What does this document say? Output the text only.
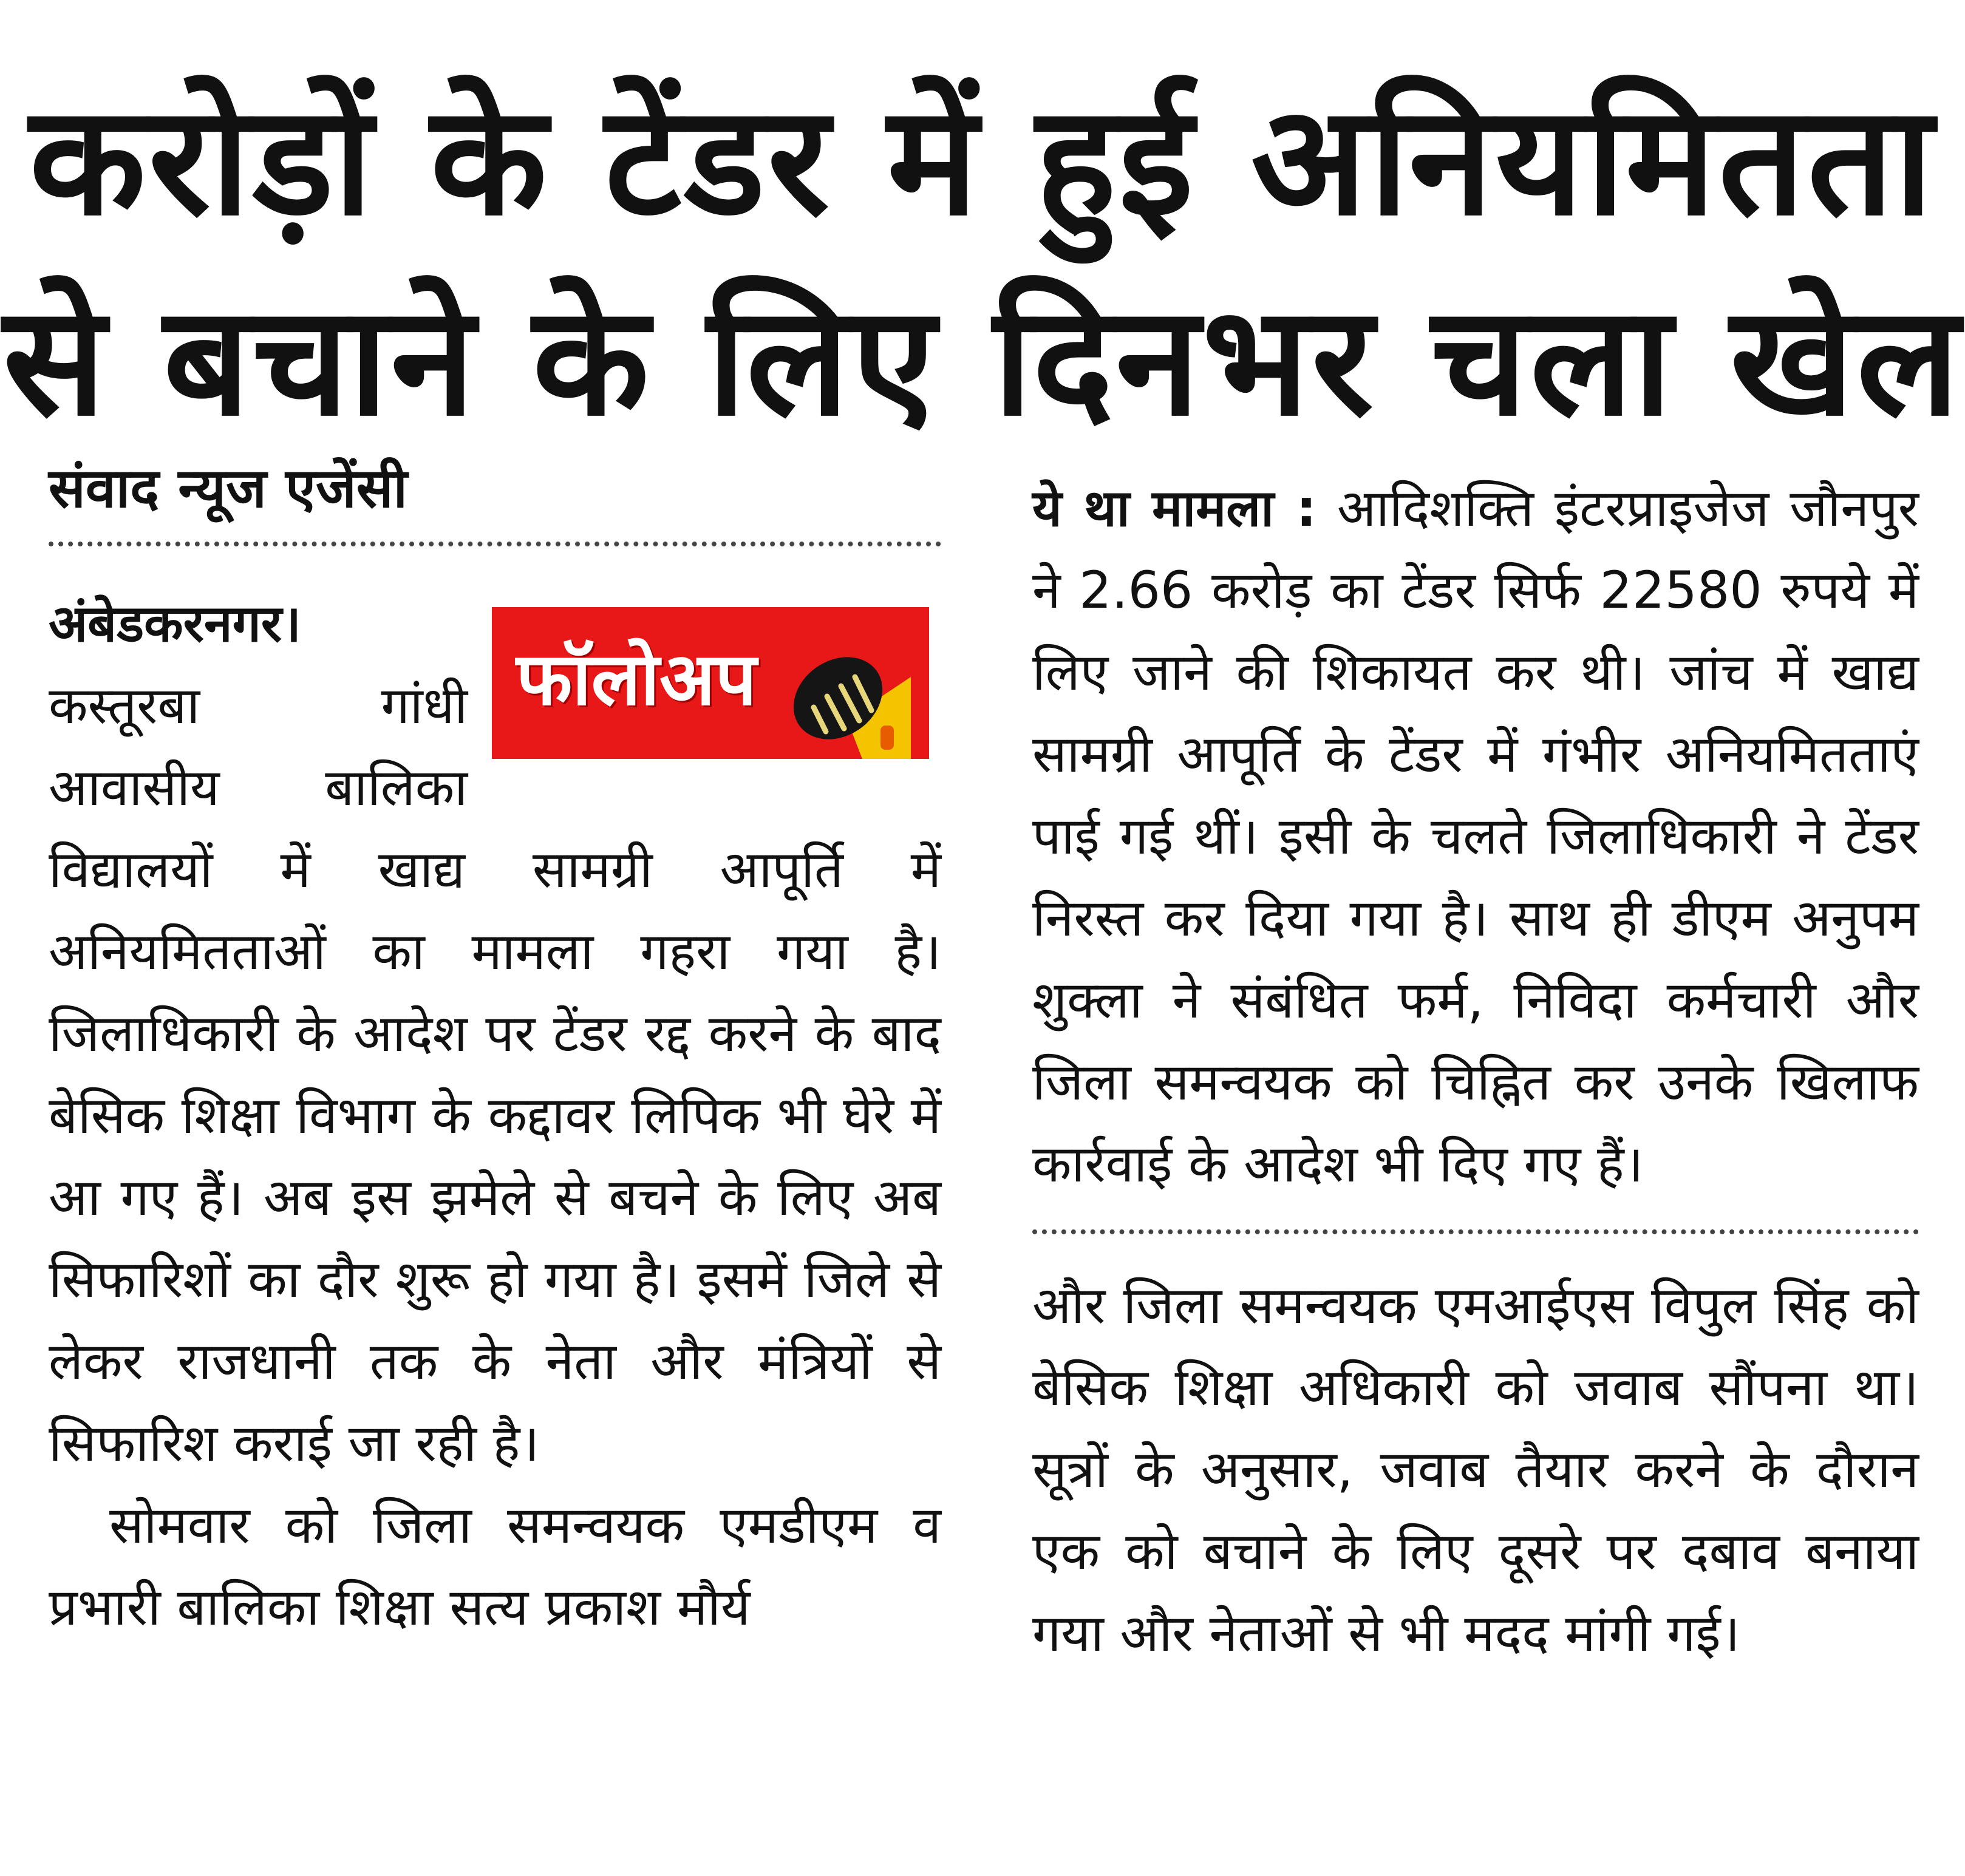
करोड़ों के टेंडर में हुई अनियमितता
से बचाने के लिए दिनभर चला खेल
संवाद न्यूज एजेंसी
फॉलोअप

अंबेडकरनगर। कस्तूरबा गांधी आवासीय बालिका विद्यालयों में खाद्य सामग्री आपूर्ति में अनियमितताओं का मामला गहरा गया है। जिलाधिकारी के आदेश पर टेंडर रद्द करने के बाद बेसिक शिक्षा विभाग के कद्दावर लिपिक भी घेरे में आ गए हैं। अब इस झमेले से बचने के लिए अब सिफारिशों का दौर शुरू हो गया है। इसमें जिले से लेकर राजधानी तक के नेता और मंत्रियों से सिफारिश कराई जा रही है।

सोमवार को जिला समन्वयक एमडीएम व प्रभारी बालिका शिक्षा सत्य प्रकाश मौर्य

ये था मामला : आदिशक्ति इंटरप्राइजेज जौनपुर ने 2.66 करोड़ का टेंडर सिर्फ 22580 रुपये में लिए जाने की शिकायत कर थी। जांच में खाद्य सामग्री आपूर्ति के टेंडर में गंभीर अनियमितताएं पाई गई थीं। इसी के चलते जिलाधिकारी ने टेंडर निरस्त कर दिया गया है। साथ ही डीएम अनुपम शुक्ला ने संबंधित फर्म, निविदा कर्मचारी और जिला समन्वयक को चिह्नित कर उनके खिलाफ कार्रवाई के आदेश भी दिए गए हैं।

और जिला समन्वयक एमआईएस विपुल सिंह को बेसिक शिक्षा अधिकारी को जवाब सौंपना था। सूत्रों के अनुसार, जवाब तैयार करने के दौरान एक को बचाने के लिए दूसरे पर दबाव बनाया गया और नेताओं से भी मदद मांगी गई।
